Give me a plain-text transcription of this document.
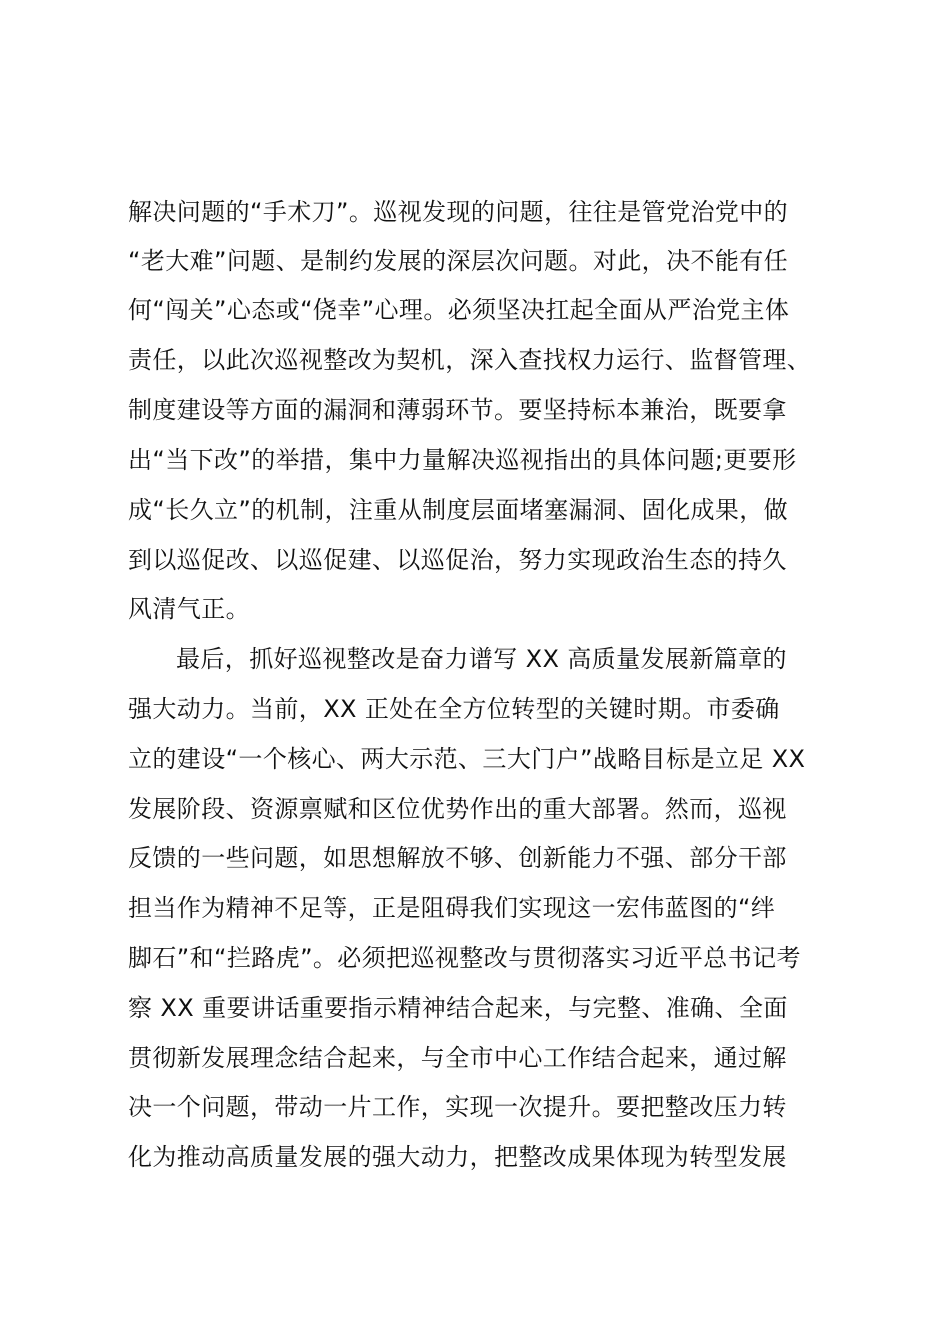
解决问题的“手术刀”。巡视发现的问题，往往是管党治党中的
“老大难”问题、是制约发展的深层次问题。对此，决不能有任
何“闯关”心态或“侥幸”心理。必须坚决扛起全面从严治党主体
责任，以此次巡视整改为契机，深入查找权力运行、监督管理、
制度建设等方面的漏洞和薄弱环节。要坚持标本兼治，既要拿
出“当下改”的举措，集中力量解决巡视指出的具体问题;更要形
成“长久立”的机制，注重从制度层面堵塞漏洞、固化成果，做
到以巡促改、以巡促建、以巡促治，努力实现政治生态的持久
风清气正。
最后，抓好巡视整改是奋力谱写 XX 高质量发展新篇章的
强大动力。当前，XX 正处在全方位转型的关键时期。市委确
立的建设“一个核心、两大示范、三大门户”战略目标是立足 XX
发展阶段、资源禀赋和区位优势作出的重大部署。然而，巡视
反馈的一些问题，如思想解放不够、创新能力不强、部分干部
担当作为精神不足等，正是阻碍我们实现这一宏伟蓝图的“绊
脚石”和“拦路虎”。必须把巡视整改与贯彻落实习近平总书记考
察 XX 重要讲话重要指示精神结合起来，与完整、准确、全面
贯彻新发展理念结合起来，与全市中心工作结合起来，通过解
决一个问题，带动一片工作，实现一次提升。要把整改压力转
化为推动高质量发展的强大动力，把整改成果体现为转型发展
